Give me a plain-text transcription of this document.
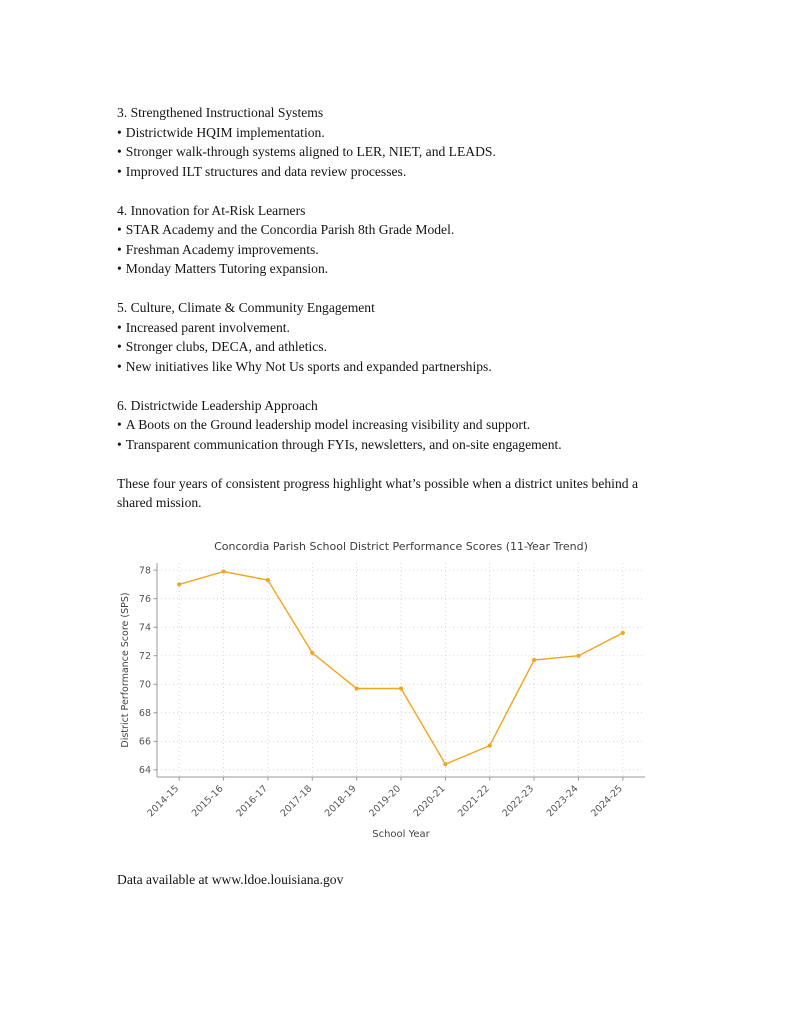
3. Strengthened Instructional Systems
• Districtwide HQIM implementation.
• Stronger walk-through systems aligned to LER, NIET, and LEADS.
• Improved ILT structures and data review processes.
4. Innovation for At-Risk Learners
• STAR Academy and the Concordia Parish 8th Grade Model.
• Freshman Academy improvements.
• Monday Matters Tutoring expansion.
5. Culture, Climate & Community Engagement
• Increased parent involvement.
• Stronger clubs, DECA, and athletics.
• New initiatives like Why Not Us sports and expanded partnerships.
6. Districtwide Leadership Approach
• A Boots on the Ground leadership model increasing visibility and support.
• Transparent communication through FYIs, newsletters, and on-site engagement.

These four years of consistent progress highlight what’s possible when a district unites behind a shared mission.

64
66
68
70
72
74
76
78
2014-15 2015-16 2016-17 2017-18 2018-19 2019-20 2020-21 2021-22 2022-23 2023-24 2024-25
Concordia Parish School District Performance Scores (11-Year Trend)
School Year
District Performance Score (SPS)

Data available at www.ldoe.louisiana.gov
